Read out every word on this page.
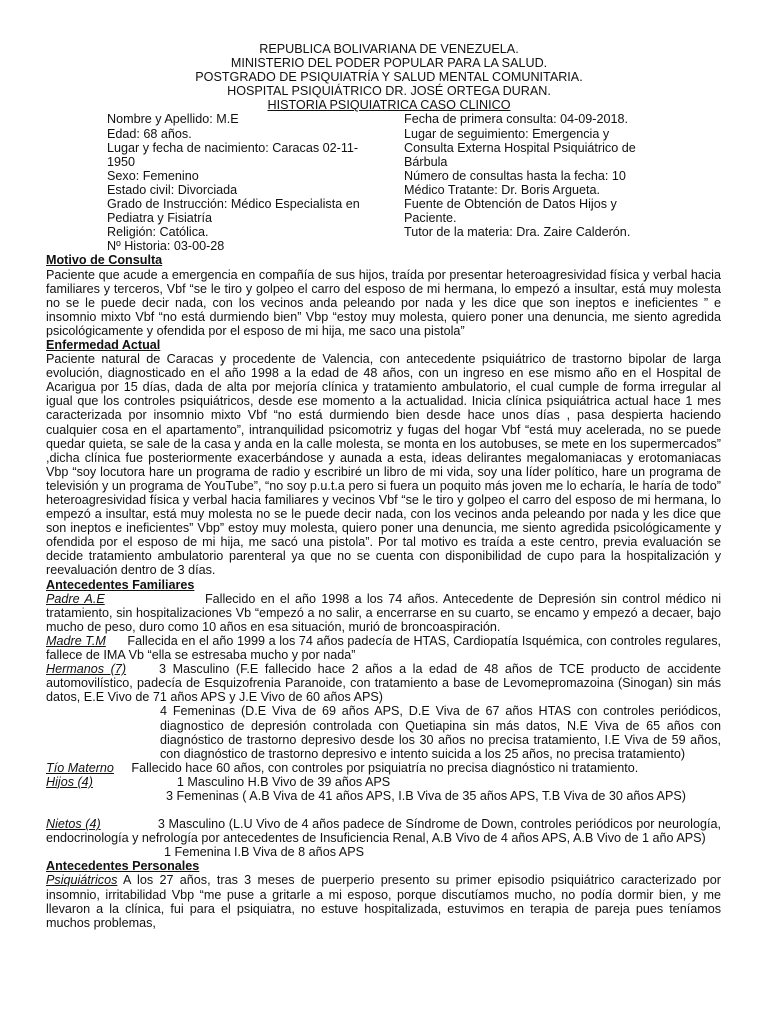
REPUBLICA BOLIVARIANA DE VENEZUELA.
MINISTERIO DEL PODER POPULAR PARA LA SALUD.
POSTGRADO DE PSIQUIATRÍA Y SALUD MENTAL COMUNITARIA.
HOSPITAL PSIQUIÁTRICO DR. JOSÉ ORTEGA DURAN.
HISTORIA PSIQUIATRICA CASO CLINICO
Nombre y Apellido: M.E
Edad: 68 años.
Lugar y fecha de nacimiento: Caracas 02-11-
1950
Sexo: Femenino
Estado civil: Divorciada
Grado de Instrucción: Médico Especialista en
Pediatra y Fisiatría
Religión: Católica.
Nº Historia: 03-00-28
Fecha de primera consulta: 04-09-2018.
Lugar de seguimiento: Emergencia y
Consulta Externa Hospital Psiquiátrico de
Bárbula
Número de consultas hasta la fecha: 10
Médico Tratante: Dr. Boris Argueta.
Fuente de Obtención de Datos Hijos y
Paciente.
Tutor de la materia: Dra. Zaire Calderón.
Motivo de Consulta

Paciente que acude a emergencia en compañía de sus hijos, traída por presentar heteroagresividad física y verbal hacia familiares y terceros, Vbf “se le tiro y golpeo el carro del esposo de mi hermana, lo empezó a insultar, está muy molesta no se le puede decir nada, con los vecinos anda peleando por nada y les dice que son ineptos e ineficientes ” e insomnio mixto Vbf “no está durmiendo bien” Vbp “estoy muy molesta, quiero poner una denuncia, me siento agredida psicológicamente y ofendida por el esposo de mi hija, me saco una pistola”

Enfermedad Actual

Paciente natural de Caracas y procedente de Valencia, con antecedente psiquiátrico de trastorno bipolar de larga evolución, diagnosticado en el año 1998 a la edad de 48 años, con un ingreso en ese mismo año en el Hospital de Acarigua por 15 días, dada de alta por mejoría clínica y tratamiento ambulatorio, el cual cumple de forma irregular al igual que los controles psiquiátricos, desde ese momento a la actualidad. Inicia clínica psiquiátrica actual hace 1 mes caracterizada por insomnio mixto Vbf “no está durmiendo bien desde hace unos días , pasa despierta haciendo cualquier cosa en el apartamento”, intranquilidad psicomotriz y fugas del hogar Vbf “está muy acelerada, no se puede quedar quieta, se sale de la casa y anda en la calle molesta, se monta en los autobuses, se mete en los supermercados” ,dicha clínica fue posteriormente exacerbándose y aunada a esta, ideas delirantes megalomaniacas y erotomaniacas Vbp “soy locutora hare un programa de radio y escribiré un libro de mi vida, soy una líder político, hare un programa de televisión y un programa de YouTube”, “no soy p.u.t.a pero si fuera un poquito más joven me lo echaría, le haría de todo” heteroagresividad física y verbal hacia familiares y vecinos Vbf “se le tiro y golpeo el carro del esposo de mi hermana, lo empezó a insultar, está muy molesta no se le puede decir nada, con los vecinos anda peleando por nada y les dice que son ineptos e ineficientes” Vbp” estoy muy molesta, quiero poner una denuncia, me siento agredida psicológicamente y ofendida por el esposo de mi hija, me sacó una pistola”. Por tal motivo es traída a este centro, previa evaluación se decide tratamiento ambulatorio parenteral ya que no se cuenta con disponibilidad de cupo para la hospitalización y reevaluación dentro de 3 días.

Antecedentes Familiares

Padre A.E	Fallecido en el año 1998 a los 74 años. Antecedente de Depresión sin control médico ni tratamiento, sin hospitalizaciones Vb “empezó a no salir, a encerrarse en su cuarto, se encamo y empezó a decaer, bajo mucho de peso, duro como 10 años en esa situación, murió de broncoaspiración.

Madre T.M Fallecida en el año 1999 a los 74 años padecía de HTAS, Cardiopatía Isquémica, con controles regulares, fallece de IMA Vb “ella se estresaba mucho y por nada”

Hermanos (7)	3 Masculino (F.E fallecido hace 2 años a la edad de 48 años de TCE producto de accidente automovilístico, padecía de Esquizofrenia Paranoide, con tratamiento a base de Levomepromazoina (Sinogan) sin más datos, E.E Vivo de 71 años APS y J.E Vivo de 60 años APS)

4 Femeninas (D.E Viva de 69 años APS, D.E Viva de 67 años HTAS con controles periódicos, diagnostico de depresión controlada con Quetiapina sin más datos, N.E Viva de 65 años con diagnóstico de trastorno depresivo desde los 30 años no precisa tratamiento, I.E Viva de 59 años, con diagnóstico de trastorno depresivo e intento suicida a los 25 años, no precisa tratamiento)

Tío Materno Fallecido hace 60 años, con controles por psiquiatría no precisa diagnóstico ni tratamiento.

Hijos (4)	1 Masculino H.B Vivo de 39 años APS

3 Femeninas ( A.B Viva de 41 años APS, I.B Viva de 35 años APS, T.B Viva de 30 años APS)

Nietos (4)	3 Masculino (L.U Vivo de 4 años padece de Síndrome de Down, controles periódicos por neurología, endocrinología y nefrología por antecedentes de Insuficiencia Renal, A.B Vivo de 4 años APS, A.B Vivo de 1 año APS)

1 Femenina I.B Viva de 8 años APS

Antecedentes Personales

Psiquiátricos A los 27 años, tras 3 meses de puerperio presento su primer episodio psiquiátrico caracterizado por insomnio, irritabilidad Vbp “me puse a gritarle a mi esposo, porque discutíamos mucho, no podía dormir bien, y me llevaron a la clínica, fui para el psiquiatra, no estuve hospitalizada, estuvimos en terapia de pareja pues teníamos muchos problemas,
